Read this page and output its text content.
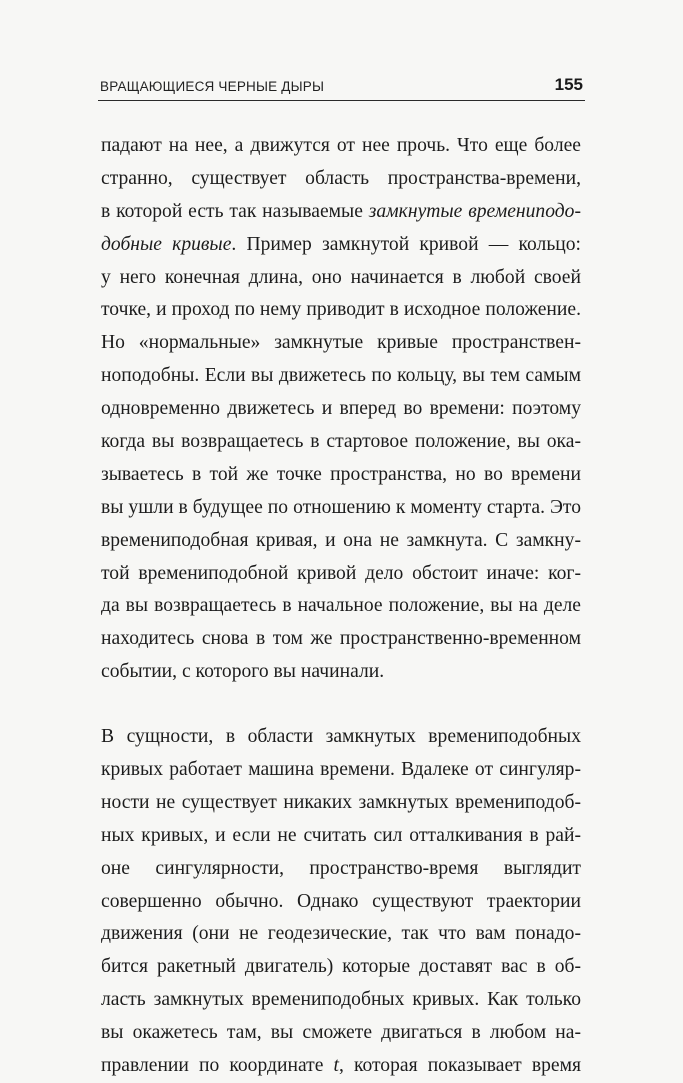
ВРАЩАЮЩИЕСЯ ЧЕРНЫЕ ДЫРЫ	155

падают на нее, а движутся от нее прочь. Что еще более
странно, существует область пространства-времени,
в которой есть так называемые замкнутые времениподо-
добные кривые. Пример замкнутой кривой — кольцо:
у него конечная длина, оно начинается в любой своей
точке, и проход по нему приводит в исходное положение.
Но «нормальные» замкнутые кривые пространствен-
ноподобны. Если вы движетесь по кольцу, вы тем самым
одновременно движетесь и вперед во времени: поэтому
когда вы возвращаетесь в стартовое положение, вы ока-
зываетесь в той же точке пространства, но во времени
вы ушли в будущее по отношению к моменту старта. Это
времениподобная кривая, и она не замкнута. С замкну-
той времениподобной кривой дело обстоит иначе: ког-
да вы возвращаетесь в начальное положение, вы на деле
находитесь снова в том же пространственно-временном
событии, с которого вы начинали.

В сущности, в области замкнутых времениподобных
кривых работает машина времени. Вдалеке от сингуляр-
ности не существует никаких замкнутых времениподоб-
ных кривых, и если не считать сил отталкивания в рай-
оне сингулярности, пространство-время выглядит
совершенно обычно. Однако существуют траектории
движения (они не геодезические, так что вам понадо-
бится ракетный двигатель) которые доставят вас в об-
ласть замкнутых времениподобных кривых. Как только
вы окажетесь там, вы сможете двигаться в любом на-
правлении по координате t, которая показывает время
